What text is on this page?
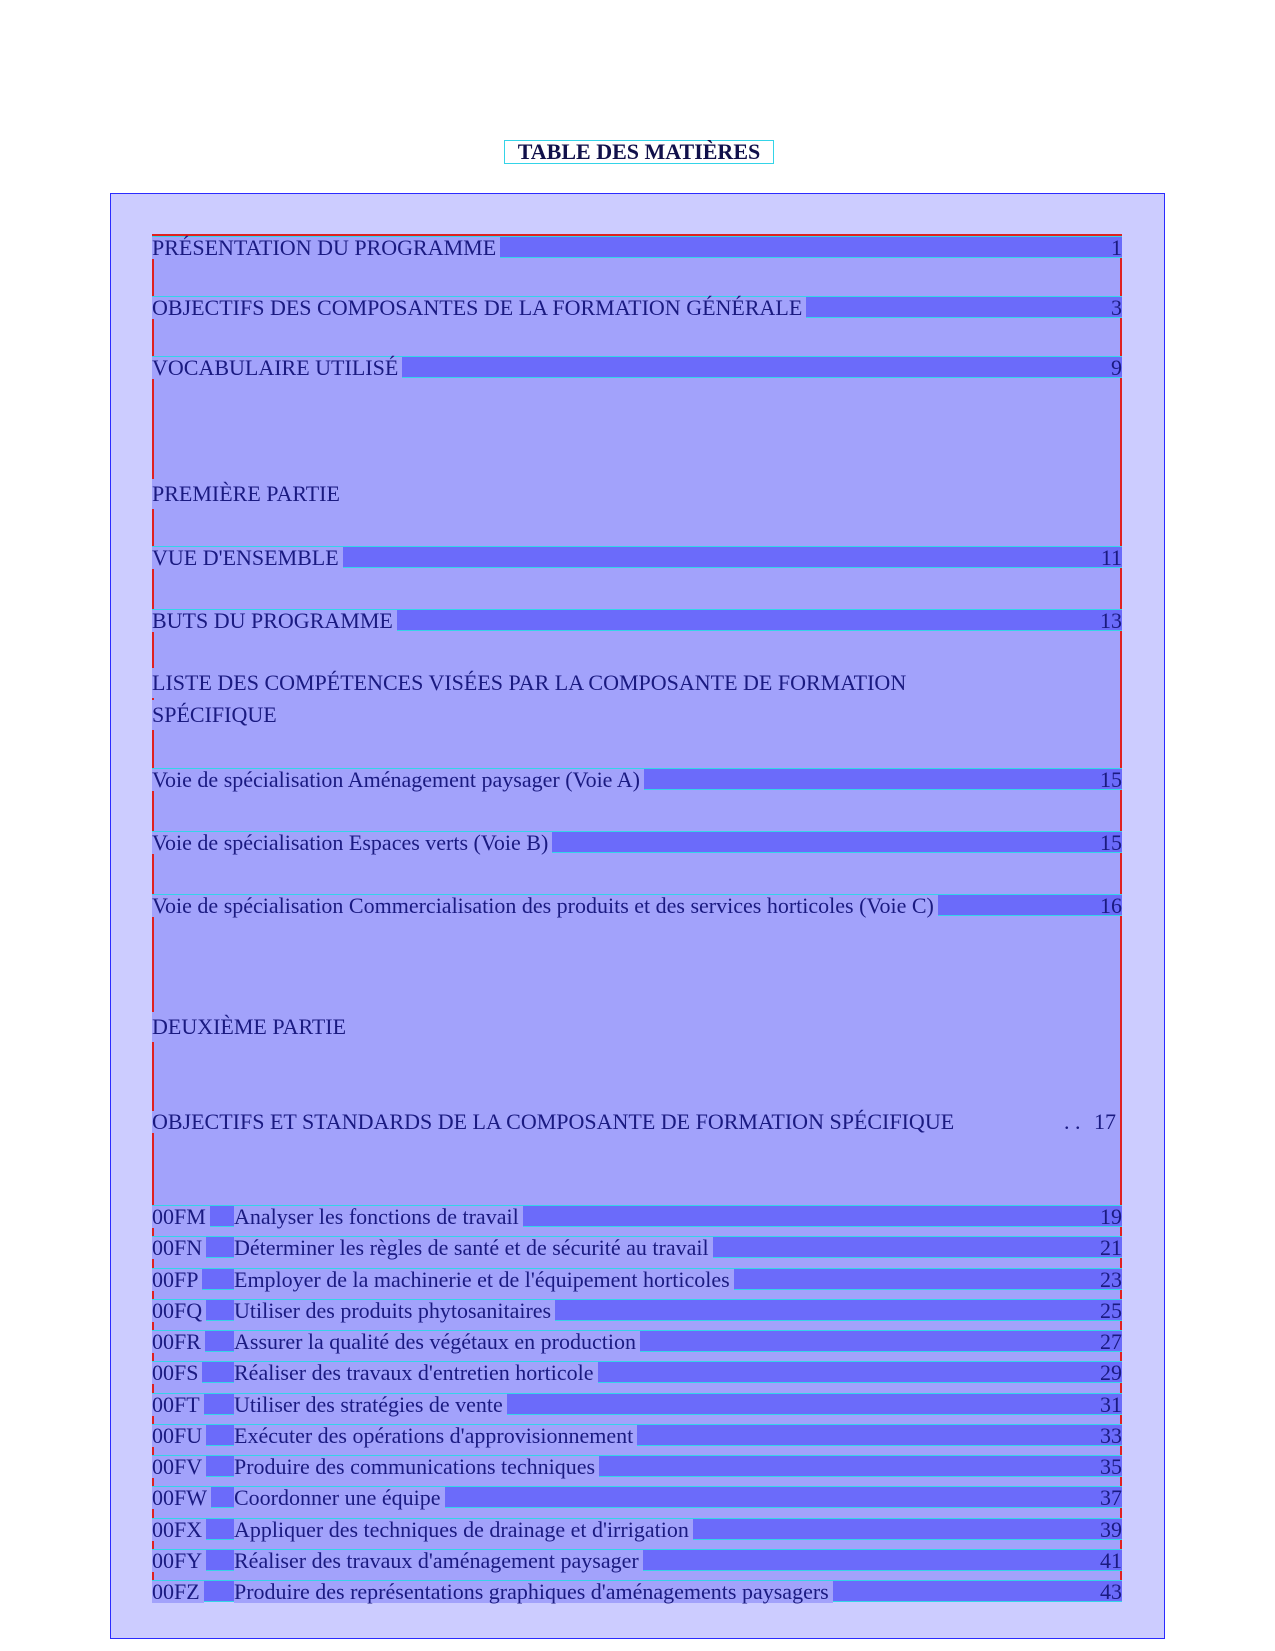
TABLE DES MATIÈRES
PRÉSENTATION DU PROGRAMME	1
OBJECTIFS DES COMPOSANTES DE LA FORMATION GÉNÉRALE	3
VOCABULAIRE UTILISÉ	9
PREMIÈRE PARTIE
VUE D'ENSEMBLE	11
BUTS DU PROGRAMME	13
LISTE DES COMPÉTENCES VISÉES PAR LA COMPOSANTE DE FORMATION
SPÉCIFIQUE
Voie de spécialisation Aménagement paysager (Voie A)	15
Voie de spécialisation Espaces verts (Voie B)	15
Voie de spécialisation Commercialisation des produits et des services horticoles (Voie C)	16
DEUXIÈME PARTIE
OBJECTIFS ET STANDARDS DE LA COMPOSANTE DE FORMATION SPÉCIFIQUE	. . 17
00FM Analyser les fonctions de travail	19
00FN Déterminer les règles de santé et de sécurité au travail	21
00FP Employer de la machinerie et de l'équipement horticoles	23
00FQ Utiliser des produits phytosanitaires	25
00FR Assurer la qualité des végétaux en production	27
00FS Réaliser des travaux d'entretien horticole	29
00FT Utiliser des stratégies de vente	31
00FU Exécuter des opérations d'approvisionnement	33
00FV Produire des communications techniques	35
00FW Coordonner une équipe	37
00FX Appliquer des techniques de drainage et d'irrigation	39
00FY Réaliser des travaux d'aménagement paysager	41
00FZ Produire des représentations graphiques d'aménagements paysagers	43
